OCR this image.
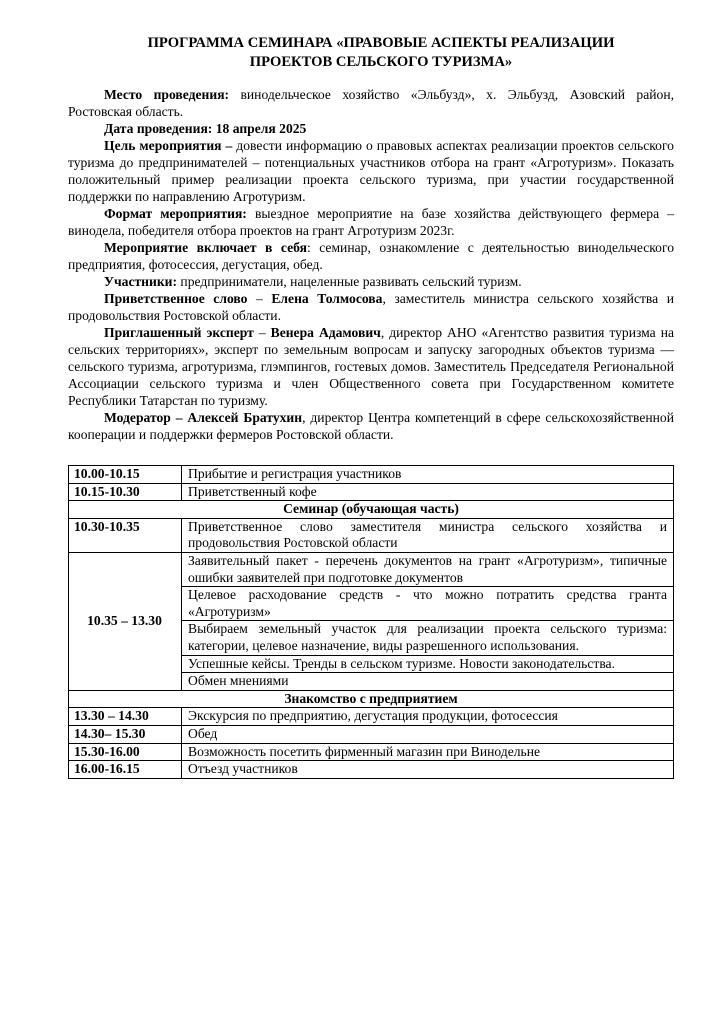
ПРОГРАММА СЕМИНАРА «ПРАВОВЫЕ АСПЕКТЫ РЕАЛИЗАЦИИ
ПРОЕКТОВ СЕЛЬСКОГО ТУРИЗМА»

Место проведения: винодельческое хозяйство «Эльбузд», х. Эльбузд, Азовский район, Ростовская область.

Дата проведения: 18 апреля 2025

Цель мероприятия – довести информацию о правовых аспектах реализации проектов сельского туризма до предпринимателей – потенциальных участников отбора на грант «Агротуризм». Показать положительный пример реализации проекта сельского туризма, при участии государственной поддержки по направлению Агротуризм.

Формат мероприятия: выездное мероприятие на базе хозяйства действующего фермера – винодела, победителя отбора проектов на грант Агротуризм 2023г.

Мероприятие включает в себя: семинар, ознакомление с деятельностью винодельческого предприятия, фотосессия, дегустация, обед.

Участники: предприниматели, нацеленные развивать сельский туризм.

Приветственное слово – Елена Толмосова, заместитель министра сельского хозяйства и продовольствия Ростовской области.

Приглашенный эксперт – Венера Адамович, директор АНО «Агентство развития туризма на сельских территориях», эксперт по земельным вопросам и запуску загородных объектов туризма — сельского туризма, агротуризма, глэмпингов, гостевых домов. Заместитель Председателя Региональной Ассоциации сельского туризма и член Общественного совета при Государственном комитете Республики Татарстан по туризму.

Модератор – Алексей Братухин, директор Центра компетенций в сфере сельскохозяйственной кооперации и поддержки фермеров Ростовской области.

10.00-10.15	Прибытие и регистрация участников
10.15-10.30	Приветственный кофе
Семинар (обучающая часть)	
10.30-10.35	Приветственное слово заместителя министра сельского хозяйства и продовольствия Ростовской области
10.35 – 13.30	Заявительный пакет - перечень документов на грант «Агротуризм», типичные ошибки заявителей при подготовке документов
	Целевое расходование средств - что можно потратить средства гранта «Агротуризм»
	Выбираем земельный участок для реализации проекта сельского туризма: категории, целевое назначение, виды разрешенного использования.
	Успешные кейсы. Тренды в сельском туризме. Новости законодательства.
	Обмен мнениями
Знакомство с предприятием	
13.30 – 14.30	Экскурсия по предприятию, дегустация продукции, фотосессия
14.30– 15.30	Обед
15.30-16.00	Возможность посетить фирменный магазин при Винодельне
16.00-16.15	Отъезд участников
